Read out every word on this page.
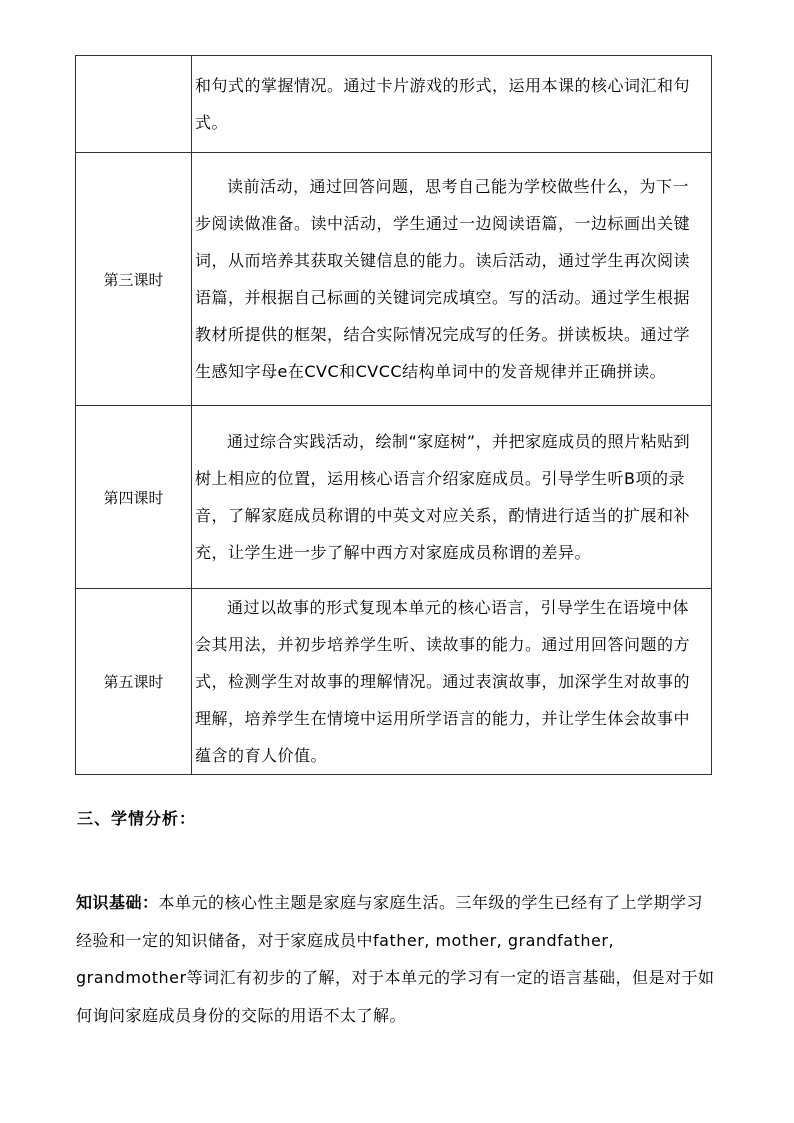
	和句式的掌握情况。通过卡片游戏的形式，运用本课的核心词汇和句式。

第三课时	读前活动，通过回答问题，思考自己能为学校做些什么，为下一步阅读做准备。读中活动，学生通过一边阅读语篇，一边标画出关键词，从而培养其获取关键信息的能力。读后活动，通过学生再次阅读语篇，并根据自己标画的关键词完成填空。写的活动。通过学生根据教材所提供的框架，结合实际情况完成写的任务。拼读板块。通过学生感知字母e在CVC和CVCC结构单词中的发音规律并正确拼读。

第四课时	通过综合实践活动，绘制“家庭树”，并把家庭成员的照片粘贴到树上相应的位置，运用核心语言介绍家庭成员。引导学生听B项的录音，了解家庭成员称谓的中英文对应关系，酌情进行适当的扩展和补充，让学生进一步了解中西方对家庭成员称谓的差异。

第五课时	通过以故事的形式复现本单元的核心语言，引导学生在语境中体会其用法，并初步培养学生听、读故事的能力。通过用回答问题的方式，检测学生对故事的理解情况。通过表演故事，加深学生对故事的理解，培养学生在情境中运用所学语言的能力，并让学生体会故事中蕴含的育人价值。

三、学情分析：

知识基础：本单元的核心性主题是家庭与家庭生活。三年级的学生已经有了上学期学习经验和一定的知识储备，对于家庭成员中father, mother, grandfather, grandmother等词汇有初步的了解，对于本单元的学习有一定的语言基础，但是对于如何询问家庭成员身份的交际的用语不太了解。
